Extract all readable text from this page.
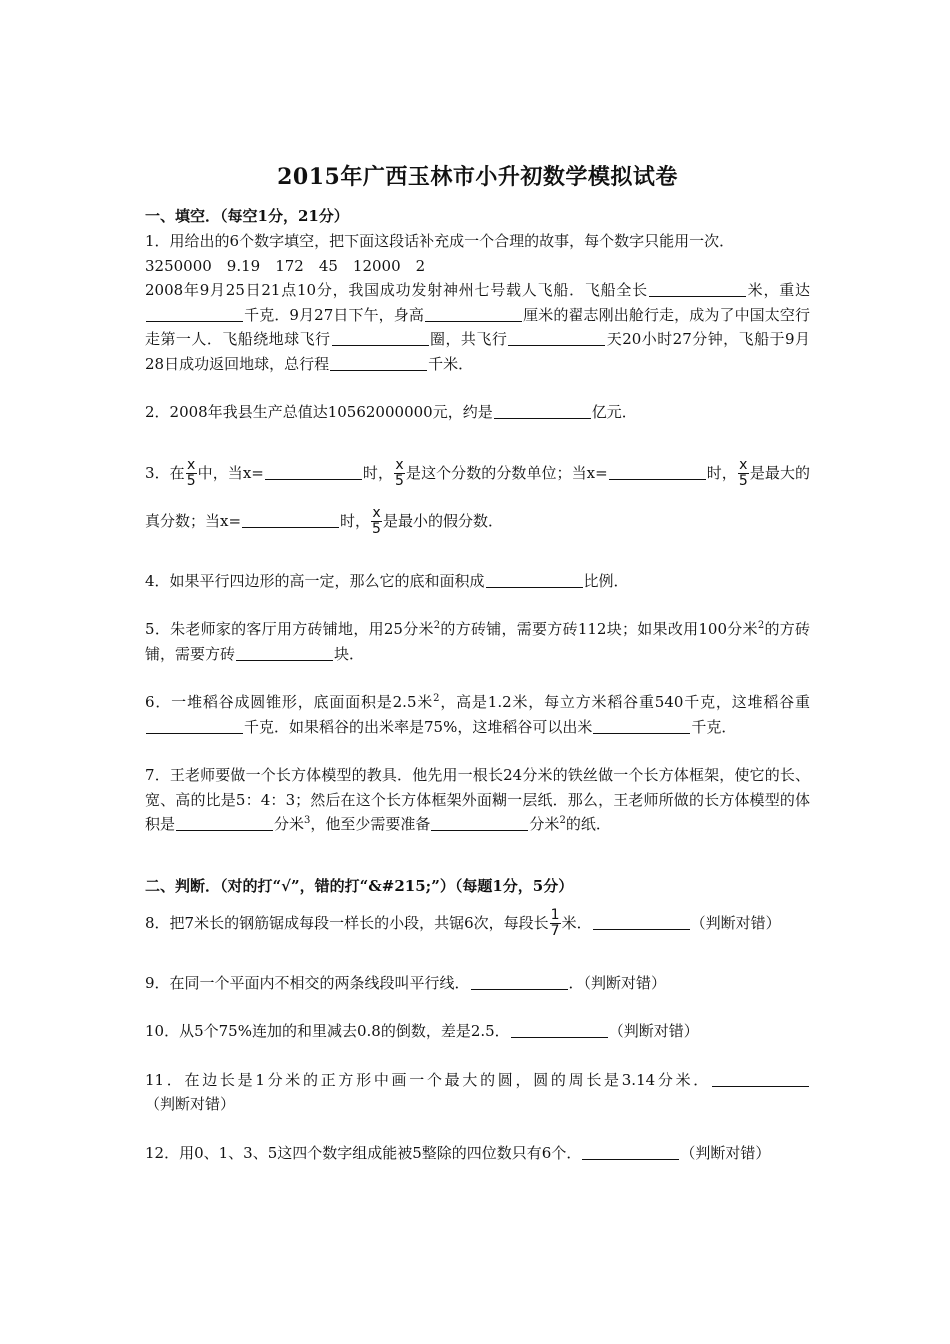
2015年广西玉林市小升初数学模拟试卷
一、填空．（每空1分，21分）
1．用给出的6个数字填空，把下面这段话补充成一个合理的故事，每个数字只能用一次．
3250000　9.19　172　45　12000　2
2008年9月25日21点10分，我国成功发射神州七号载人飞船．飞船全长	米，重达千克．9月27日下午，身高	厘米的翟志刚出舱行走，成为了中国太空行走第一人．飞船绕地球飞行	圈，共飞行	天20小时27分钟，飞船于9月28日成功返回地球，总行程	千米．
2．2008年我县生产总值达10562000000元，约是	亿元．
3．在 $\frac{x}{5}$ 中，当x=	时， $\frac{x}{5}$ 是这个分数的分数单位；当x=	时， $\frac{x}{5}$ 是最大的真分数；当x=	时， $\frac{x}{5}$ 是最小的假分数．
4．如果平行四边形的高一定，那么它的底和面积成	比例．
5．朱老师家的客厅用方砖铺地，用25分米$^2$的方砖铺，需要方砖112块；如果改用100分米$^2$的方砖铺，需要方砖	块．
6．一堆稻谷成圆锥形，底面面积是2.5米$^2$，高是1.2米，每立方米稻谷重540千克，这堆稻谷重千克．如果稻谷的出米率是75%，这堆稻谷可以出米	千克．
7．王老师要做一个长方体模型的教具．他先用一根长24分米的铁丝做一个长方体框架，使它的长、宽、高的比是5：4：3；然后在这个长方体框架外面糊一层纸．那么，王老师所做的长方体模型的体积是	分米$^3$，他至少需要准备	分米$^2$的纸．
二、判断．（对的打“√”，错的打“&#215;”）（每题1分，5分）
8．把7米长的钢筋锯成每段一样长的小段，共锯6次，每段长 $\frac{1}{7}$ 米．	（判断对错）
9．在同一个平面内不相交的两条线段叫平行线．	．（判断对错）
10．从5个75%连加的和里减去0.8的倒数，差是2.5．	（判断对错）
11．在边长是1分米的正方形中画一个最大的圆，圆的周长是3.14分米．（判断对错）
12．用0、1、3、5这四个数字组成能被5整除的四位数只有6个．	（判断对错）
